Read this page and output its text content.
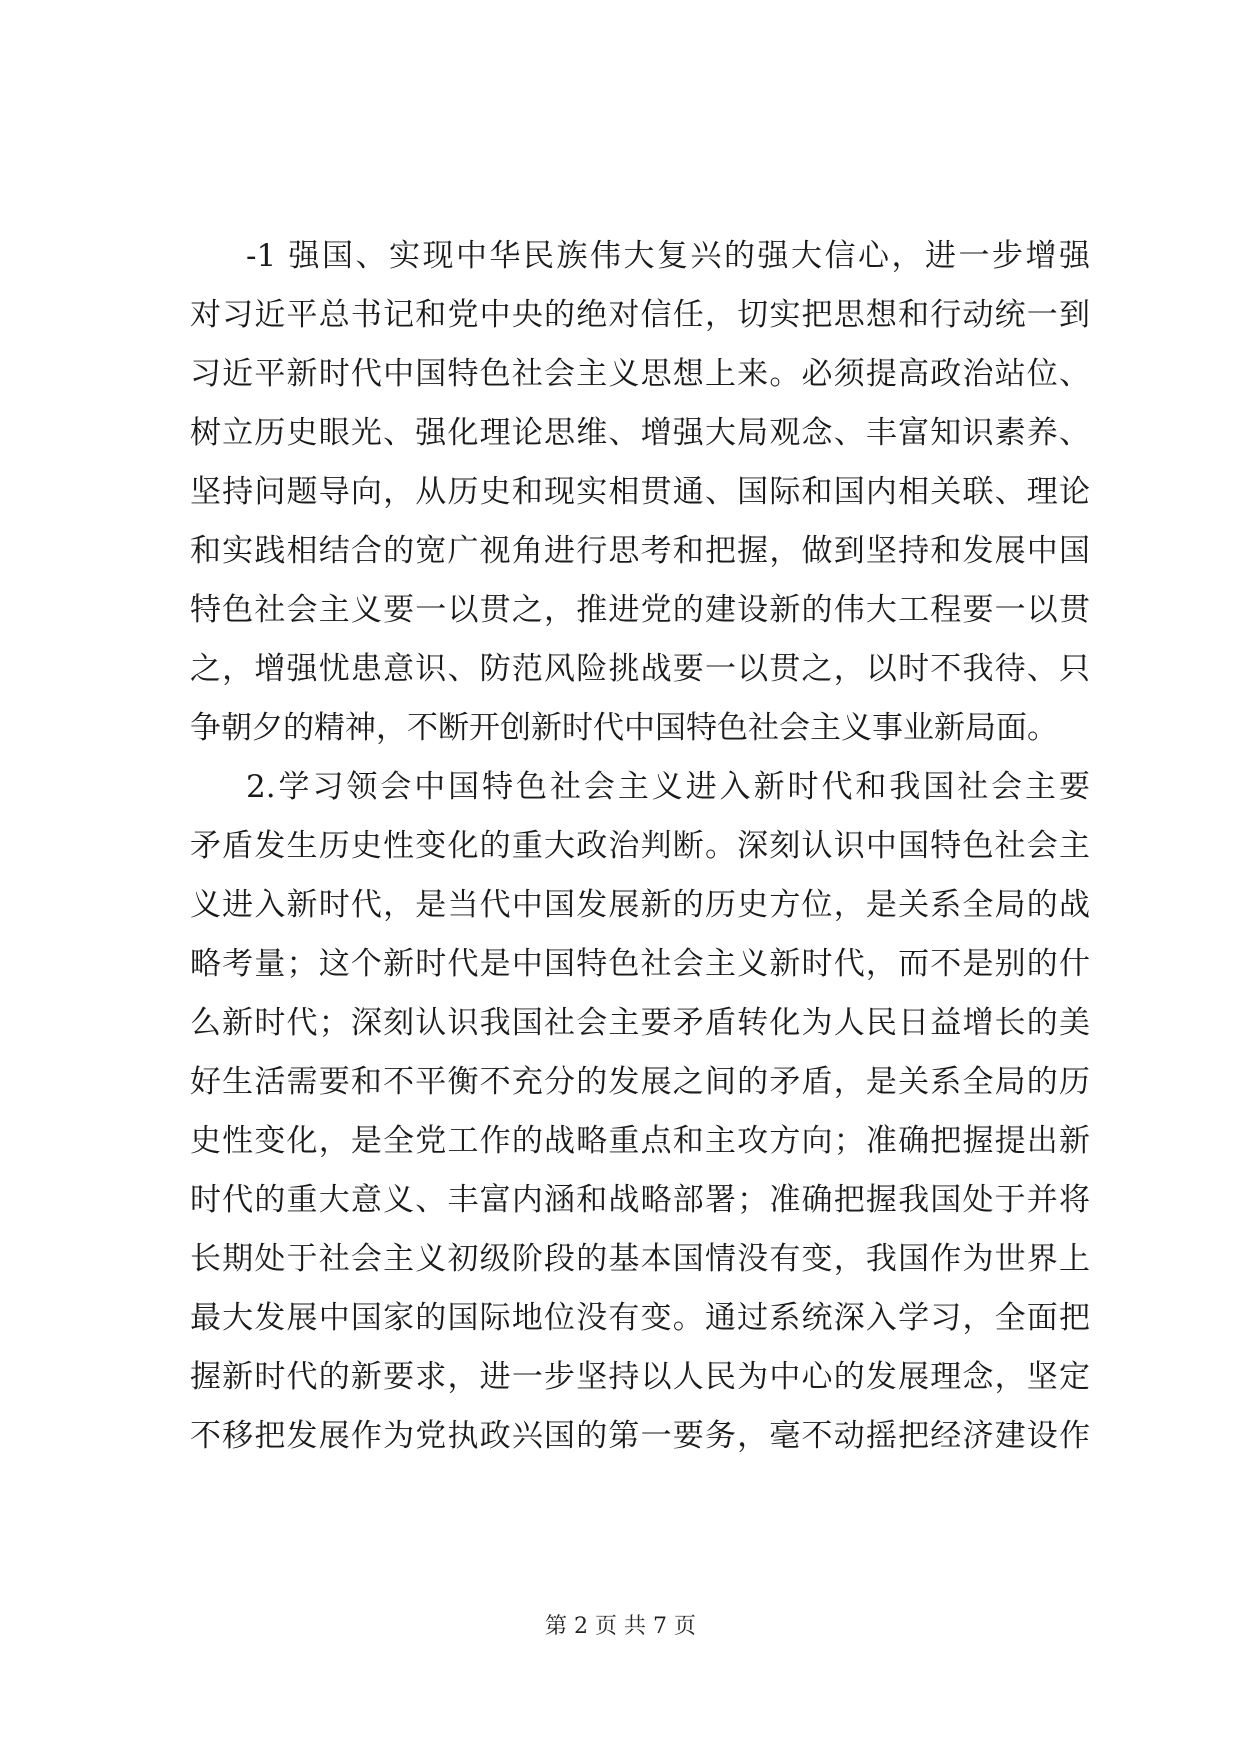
-1 强国、实现中华民族伟大复兴的强大信心，进一步增强
对习近平总书记和党中央的绝对信任，切实把思想和行动统一到
习近平新时代中国特色社会主义思想上来。必须提高政治站位、
树立历史眼光、强化理论思维、增强大局观念、丰富知识素养、
坚持问题导向，从历史和现实相贯通、国际和国内相关联、理论
和实践相结合的宽广视角进行思考和把握，做到坚持和发展中国
特色社会主义要一以贯之，推进党的建设新的伟大工程要一以贯
之，增强忧患意识、防范风险挑战要一以贯之，以时不我待、只
争朝夕的精神，不断开创新时代中国特色社会主义事业新局面。
2.学习领会中国特色社会主义进入新时代和我国社会主要
矛盾发生历史性变化的重大政治判断。深刻认识中国特色社会主
义进入新时代，是当代中国发展新的历史方位，是关系全局的战
略考量；这个新时代是中国特色社会主义新时代，而不是别的什
么新时代；深刻认识我国社会主要矛盾转化为人民日益增长的美
好生活需要和不平衡不充分的发展之间的矛盾，是关系全局的历
史性变化，是全党工作的战略重点和主攻方向；准确把握提出新
时代的重大意义、丰富内涵和战略部署；准确把握我国处于并将
长期处于社会主义初级阶段的基本国情没有变，我国作为世界上
最大发展中国家的国际地位没有变。通过系统深入学习，全面把
握新时代的新要求，进一步坚持以人民为中心的发展理念，坚定
不移把发展作为党执政兴国的第一要务，毫不动摇把经济建设作
第 2 页 共 7 页
